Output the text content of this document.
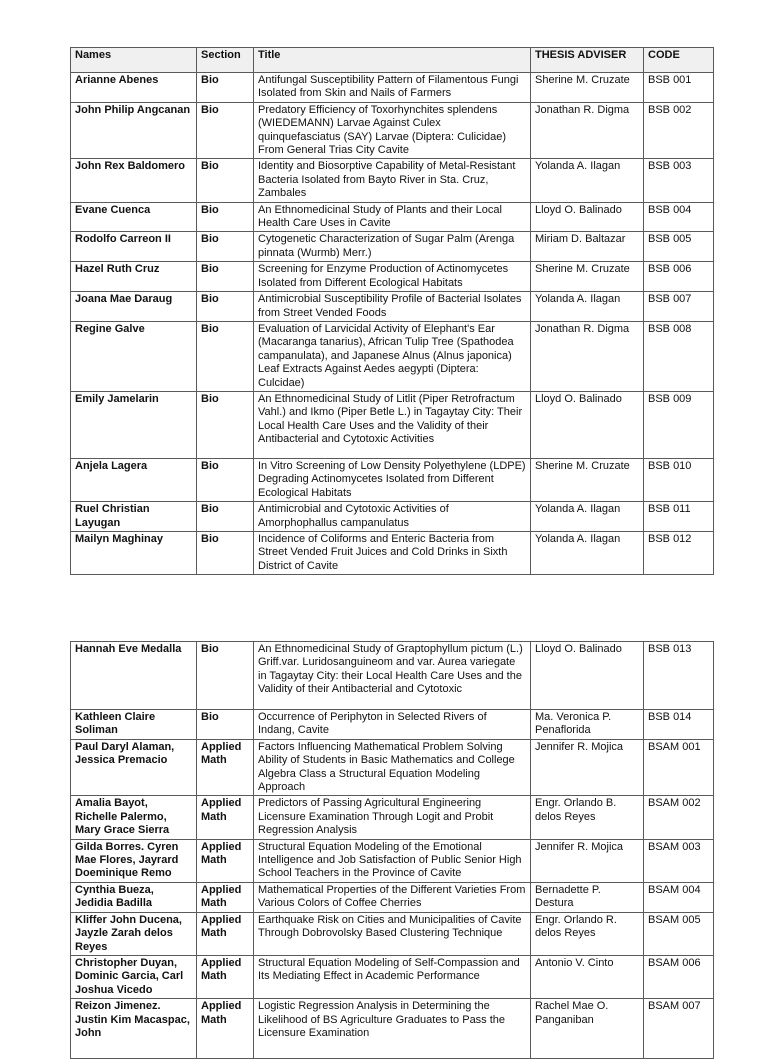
Names	Section	Title	THESIS ADVISER	CODE
Arianne Abenes	Bio	Antifungal Susceptibility Pattern of Filamentous Fungi Isolated from Skin and Nails of Farmers	Sherine M. Cruzate	BSB 001
John Philip Angcanan	Bio	Predatory Efficiency of Toxorhynchites splendens (WIEDEMANN) Larvae Against Culex quinquefasciatus (SAY) Larvae (Diptera: Culicidae) From General Trias City Cavite	Jonathan R. Digma	BSB 002
John Rex Baldomero	Bio	Identity and Biosorptive Capability of Metal-Resistant Bacteria Isolated from Bayto River in Sta. Cruz, Zambales	Yolanda A. Ilagan	BSB 003
Evane Cuenca	Bio	An Ethnomedicinal Study of Plants and their Local Health Care Uses in Cavite	Lloyd O. Balinado	BSB 004
Rodolfo Carreon II	Bio	Cytogenetic Characterization of Sugar Palm (Arenga pinnata (Wurmb) Merr.)	Miriam D. Baltazar	BSB 005
Hazel Ruth Cruz	Bio	Screening for Enzyme Production of Actinomycetes Isolated from Different Ecological Habitats	Sherine M. Cruzate	BSB 006
Joana Mae Daraug	Bio	Antimicrobial Susceptibility Profile of Bacterial Isolates from Street Vended Foods	Yolanda A. Ilagan	BSB 007
Regine Galve	Bio	Evaluation of Larvicidal Activity of Elephant's Ear (Macaranga tanarius), African Tulip Tree (Spathodea campanulata), and Japanese Alnus (Alnus japonica) Leaf Extracts Against Aedes aegypti (Diptera: Culcidae)	Jonathan R. Digma	BSB 008
Emily Jamelarin	Bio	An Ethnomedicinal Study of Litlit (Piper Retrofractum Vahl.) and Ikmo (Piper Betle L.) in Tagaytay City: Their Local Health Care Uses and the Validity of their Antibacterial and Cytotoxic Activities	Lloyd O. Balinado	BSB 009
Anjela Lagera	Bio	In Vitro Screening of Low Density Polyethylene (LDPE) Degrading Actinomycetes Isolated from Different Ecological Habitats	Sherine M. Cruzate	BSB 010
Ruel Christian Layugan	Bio	Antimicrobial and Cytotoxic Activities of Amorphophallus campanulatus	Yolanda A. Ilagan	BSB 011
Mailyn Maghinay	Bio	Incidence of Coliforms and Enteric Bacteria from Street Vended Fruit Juices and Cold Drinks in Sixth District of Cavite	Yolanda A. Ilagan	BSB 012
Hannah Eve Medalla	Bio	An Ethnomedicinal Study of Graptophyllum pictum (L.) Griff.var. Luridosanguineom and var. Aurea variegate in Tagaytay City: their Local Health Care Uses and the Validity of their Antibacterial and Cytotoxic	Lloyd O. Balinado	BSB 013
Kathleen Claire Soliman	Bio	Occurrence of Periphyton in Selected Rivers of Indang, Cavite	Ma. Veronica P. Penaflorida	BSB 014
Paul Daryl Alaman, Jessica Premacio	Applied Math	Factors Influencing Mathematical Problem Solving Ability of Students in Basic Mathematics and College Algebra Class a Structural Equation Modeling Approach	Jennifer R. Mojica	BSAM 001
Amalia Bayot, Richelle Palermo, Mary Grace Sierra	Applied Math	Predictors of Passing Agricultural Engineering Licensure Examination Through Logit and Probit Regression Analysis	Engr. Orlando B. delos Reyes	BSAM 002
Gilda Borres. Cyren Mae Flores, Jayrard Doeminique Remo	Applied Math	Structural Equation Modeling of the Emotional Intelligence and Job Satisfaction of Public Senior High School Teachers in the Province of Cavite	Jennifer R. Mojica	BSAM 003
Cynthia Bueza, Jedidia Badilla	Applied Math	Mathematical Properties of the Different Varieties From Various Colors of Coffee Cherries	Bernadette P. Destura	BSAM 004
Kliffer John Ducena, Jayzle Zarah delos Reyes	Applied Math	Earthquake Risk on Cities and Municipalities of Cavite Through Dobrovolsky Based Clustering Technique	Engr. Orlando R. delos Reyes	BSAM 005
Christopher Duyan, Dominic Garcia, Carl Joshua Vicedo	Applied Math	Structural Equation Modeling of Self-Compassion and Its Mediating Effect in Academic Performance	Antonio V. Cinto	BSAM 006
Reizon Jimenez. Justin Kim Macaspac, John	Applied Math	Logistic Regression Analysis in Determining the Likelihood of BS Agriculture Graduates to Pass the Licensure Examination	Rachel Mae O. Panganiban	BSAM 007
